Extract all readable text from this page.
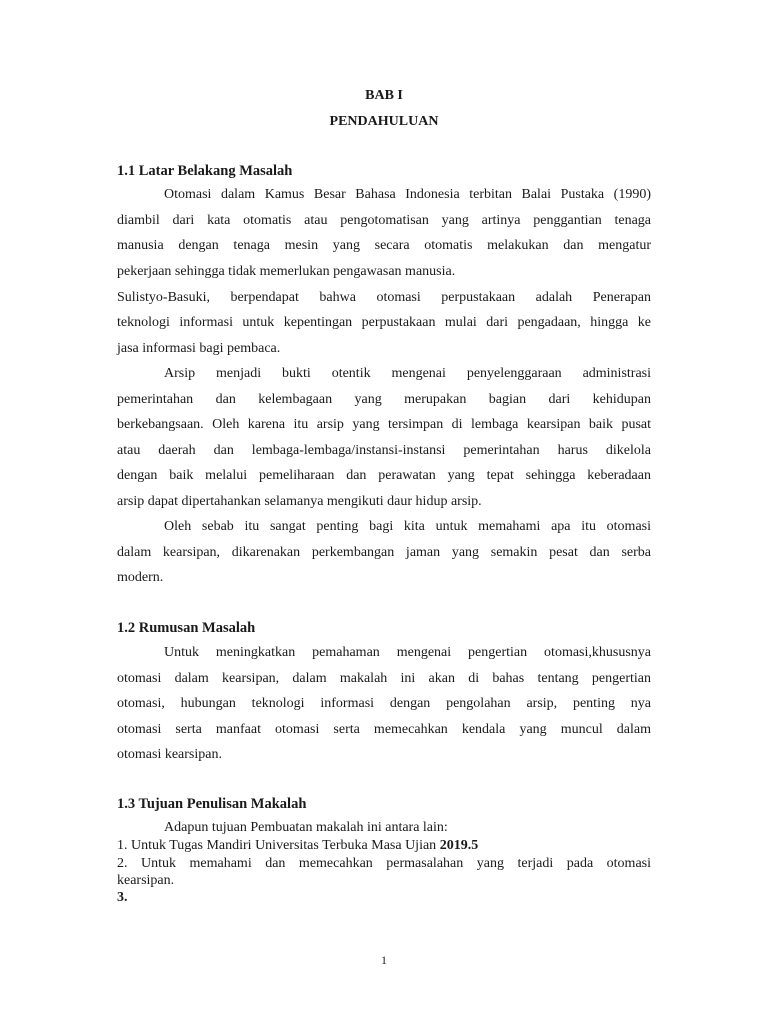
BAB I
PENDAHULUAN
1.1 Latar Belakang Masalah
Otomasi dalam Kamus Besar Bahasa Indonesia terbitan Balai Pustaka (1990)
diambil dari kata otomatis atau pengotomatisan yang artinya penggantian tenaga
manusia dengan tenaga mesin yang secara otomatis melakukan dan mengatur
pekerjaan sehingga tidak memerlukan pengawasan manusia.
Sulistyo-Basuki, berpendapat bahwa otomasi perpustakaan adalah Penerapan
teknologi informasi untuk kepentingan perpustakaan mulai dari pengadaan, hingga ke
jasa informasi bagi pembaca.
Arsip menjadi bukti otentik mengenai penyelenggaraan administrasi
pemerintahan dan kelembagaan yang merupakan bagian dari kehidupan
berkebangsaan. Oleh karena itu arsip yang tersimpan di lembaga kearsipan baik pusat
atau daerah dan lembaga-lembaga/instansi-instansi pemerintahan harus dikelola
dengan baik melalui pemeliharaan dan perawatan yang tepat sehingga keberadaan
arsip dapat dipertahankan selamanya mengikuti daur hidup arsip.
Oleh sebab itu sangat penting bagi kita untuk memahami apa itu otomasi
dalam kearsipan, dikarenakan perkembangan jaman yang semakin pesat dan serba
modern.
1.2 Rumusan Masalah
Untuk meningkatkan pemahaman mengenai pengertian otomasi,khususnya
otomasi dalam kearsipan, dalam makalah ini akan di bahas tentang pengertian
otomasi, hubungan teknologi informasi dengan pengolahan arsip, penting nya
otomasi serta manfaat otomasi serta memecahkan kendala yang muncul dalam
otomasi kearsipan.
1.3 Tujuan Penulisan Makalah
Adapun tujuan Pembuatan makalah ini antara lain:
1. Untuk Tugas Mandiri Universitas Terbuka Masa Ujian 2019.5
2. Untuk memahami dan memecahkan permasalahan yang terjadi pada otomasi
kearsipan.
3.
1
